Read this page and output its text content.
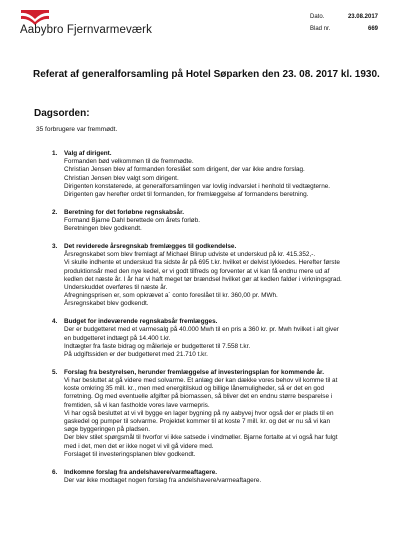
Aabybro Fjernvarmeværk
Dato.	23.08.2017
Blad nr.	669
Referat af generalforsamling på Hotel Søparken den 23. 08. 2017 kl. 1930.
Dagsorden:
35 forbrugere var fremmødt.
1. Valg af dirigent.
Formanden bød velkommen til de fremmødte.
Christian Jensen blev af formanden foreslået som dirigent, der var ikke andre forslag.
Christian Jensen blev valgt som dirigent.
Dirigenten konstaterede, at generalforsamlingen var lovlig indvarslet i henhold til vedtægterne.
Dirigenten gav herefter ordet til formanden, for fremlæggelse af formandens beretning.
2. Beretning for det forløbne regnskabsår.
Formand Bjarne Dahl berettede om årets forløb.
Beretningen blev godkendt.
3. Det reviderede årsregnskab fremlægges til godkendelse.
Årsregnskabet som blev fremlagt af Michael Blirup udviste et underskud på kr. 415.352,-.
Vi skulle indhente et underskud fra sidste år på 695 t.kr. hvilket er delvist lykkedes. Herefter første
produktionsår med den nye kedel, er vi godt tilfreds og forventer at vi kan få endnu mere ud af
kedlen det næste år. I år har vi haft meget tør brændsel hvilket gør at kedlen falder i virkningsgrad.
Underskuddet overføres til næste år.
Afregningsprisen er, som opkrævet a´ conto foreslået til kr. 360,00 pr. MWh.
Årsregnskabet blev godkendt.
4. Budget for indeværende regnskabsår fremlægges.
Der er budgetteret med et varmesalg på 40.000 Mwh til en pris a 360 kr. pr. Mwh hvilket i alt giver
en budgetteret indtægt på 14.400 t.kr.
Indtægter fra faste bidrag og målerleje er budgetteret til 7.558 t.kr.
På udgiftssiden er der budgetteret med 21.710 t.kr.
5. Forslag fra bestyrelsen, herunder fremlæggelse af investeringsplan for kommende år.
Vi har besluttet at gå videre med solvarme. Et anlæg der kan dække vores behov vil komme til at
koste omkring 35 mill. kr., men med energitilskud og billige lånemuligheder, så er det en god
forretning. Og med eventuelle afgifter på biomassen, så bliver det en endnu større besparelse i
fremtiden, så vi kan fastholde vores lave varmepris.
Vi har også besluttet at vi vil bygge en lager bygning på ny aabyvej hvor også der er plads til en
gaskedel og pumper til solvarme. Projektet kommer til at koste 7 mill. kr. og det er nu så vi kan
søge byggeringen på pladsen.
Der blev stilet spørgsmål til hvorfor vi ikke satsede i vindmøller. Bjarne fortalte at vi også har fulgt
med i det, men det er ikke noget vi vil gå videre med.
Forslaget til investeringsplanen blev godkendt.
6. Indkomne forslag fra andelshavere/varmeaftagere.
Der var ikke modtaget nogen forslag fra andelshavere/varmeaftagere.
